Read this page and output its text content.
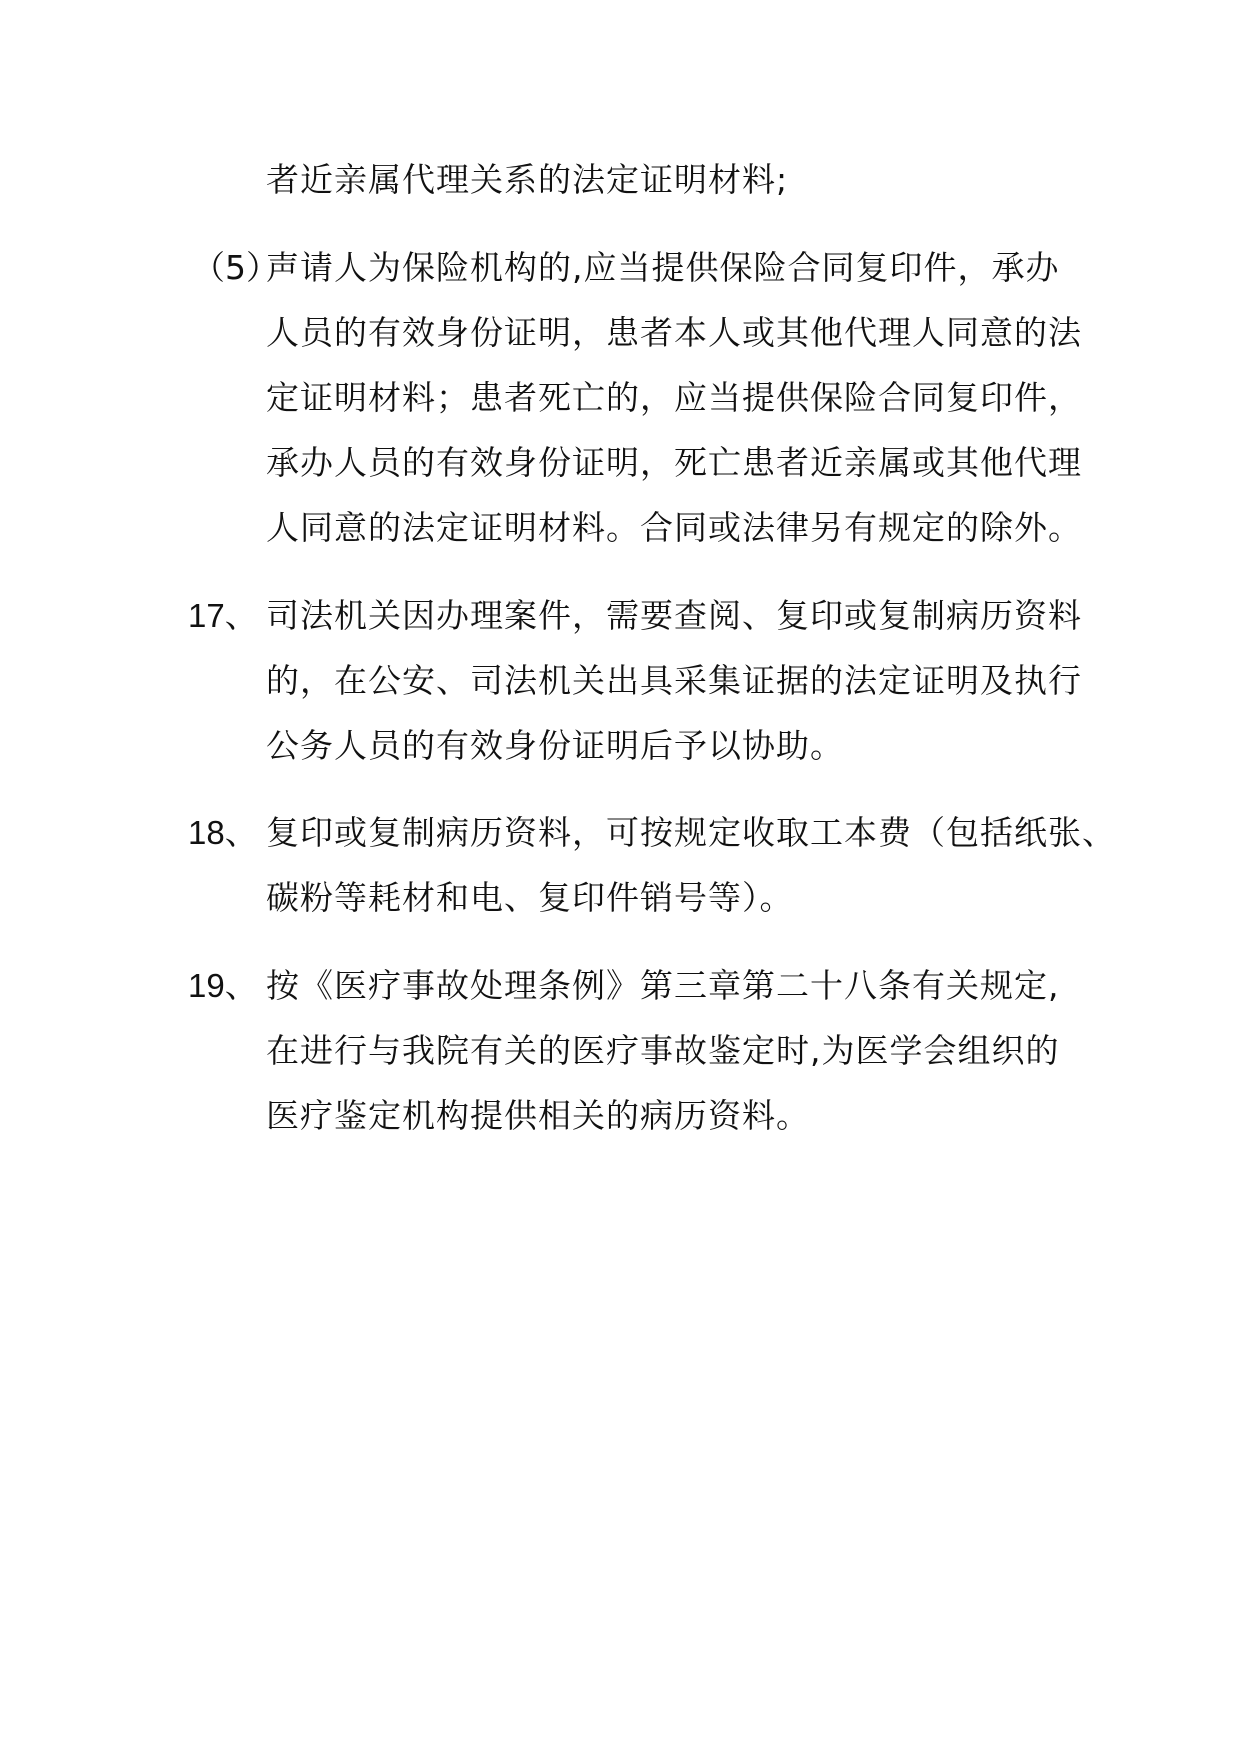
者近亲属代理关系的法定证明材料;
（5）
声请人为保险机构的,应当提供保险合同复印件，承办
人员的有效身份证明，患者本人或其他代理人同意的法
定证明材料；患者死亡的，应当提供保险合同复印件，
承办人员的有效身份证明，死亡患者近亲属或其他代理
人同意的法定证明材料。合同或法律另有规定的除外。
17、 司法机关因办理案件，需要查阅、复印或复制病历资料
的，在公安、司法机关出具采集证据的法定证明及执行
公务人员的有效身份证明后予以协助。
18、 复印或复制病历资料，可按规定收取工本费（包括纸张、
碳粉等耗材和电、复印件销号等）。
19、 按《医疗事故处理条例》第三章第二十八条有关规定,
在进行与我院有关的医疗事故鉴定时,为医学会组织的
医疗鉴定机构提供相关的病历资料。
